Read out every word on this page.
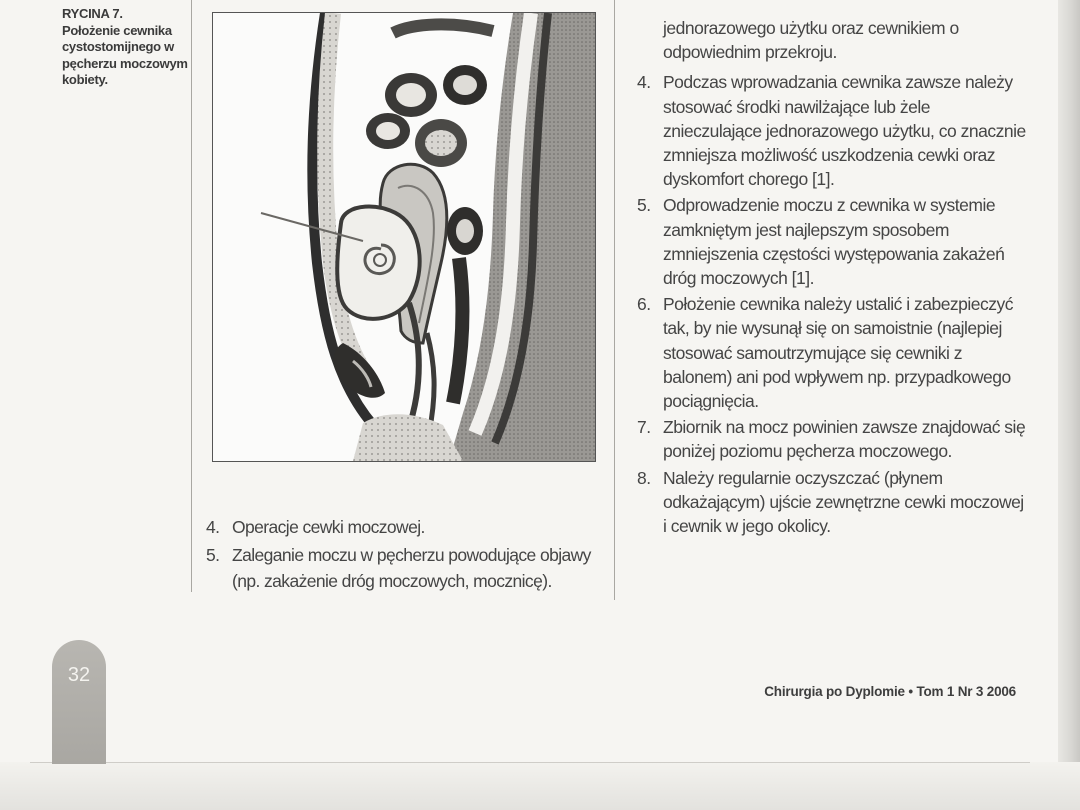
RYCINA 7.
Położenie cewnika cystostomijnego w pęcherzu moczowym kobiety.
4. Operacje cewki moczowej.
5. Zaleganie moczu w pęcherzu powodujące objawy (np. zakażenie dróg moczowych, mocznicę).
jednorazowego użytku oraz cewnikiem o odpowiednim przekroju.
4. Podczas wprowadzania cewnika zawsze należy stosować środki nawilżające lub żele znieczulające jednorazowego użytku, co znacznie zmniejsza możliwość uszkodzenia cewki oraz dyskomfort chorego [1].
5. Odprowadzenie moczu z cewnika w systemie zamkniętym jest najlepszym sposobem zmniejszenia częstości występowania zakażeń dróg moczowych [1].
6. Położenie cewnika należy ustalić i zabezpieczyć tak, by nie wysunął się on samoistnie (najlepiej stosować samoutrzymujące się cewniki z balonem) ani pod wpływem np. przypadkowego pociągnięcia.
7. Zbiornik na mocz powinien zawsze znajdować się poniżej poziomu pęcherza moczowego.
8. Należy regularnie oczyszczać (płynem odkażającym) ujście zewnętrzne cewki moczowej i cewnik w jego okolicy.
32
Chirurgia po Dyplomie • Tom 1 Nr 3 2006
